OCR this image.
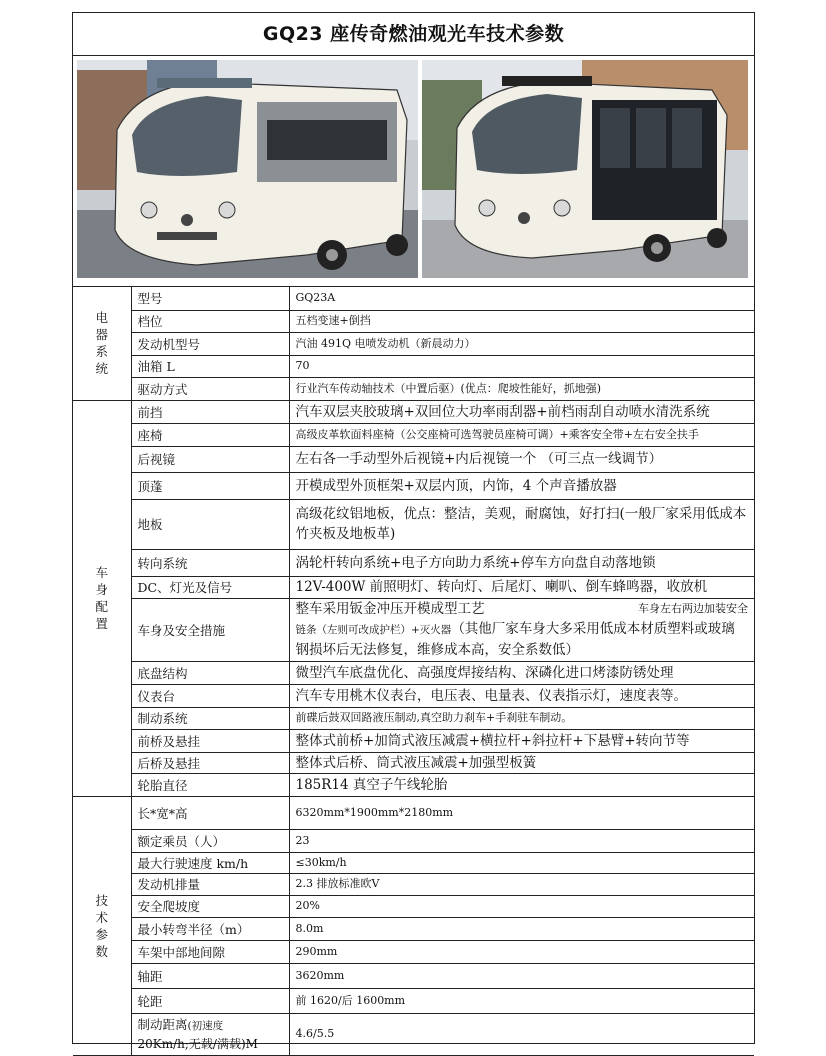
GQ23 座传奇燃油观光车技术参数
电器系统	型号	GQ23A
	档位	五档变速+倒挡
	发动机型号	汽油 491Q 电喷发动机（新晨动力）
	油箱 L	70
	驱动方式	行业汽车传动轴技术（中置后驱）(优点：爬坡性能好，抓地强)
车身配置	前挡	汽车双层夹胶玻璃+双回位大功率雨刮器+前档雨刮自动喷水清洗系统
	座椅	高级皮革软面料座椅（公交座椅可选驾驶员座椅可调）+乘客安全带+左右安全扶手
	后视镜	左右各一手动型外后视镜+内后视镜一个 （可三点一线调节）
	顶蓬	开模成型外顶框架+双层内顶，内饰，4 个声音播放器
	地板	高级花纹铝地板，优点：整洁，美观，耐腐蚀，好打扫(一般厂家采用低成本竹夹板及地板革)
	转向系统	涡轮杆转向系统+电子方向助力系统+停车方向盘自动落地锁
	DC、灯光及信号	12V-400W 前照明灯、转向灯、后尾灯、喇叭、倒车蜂鸣器，收放机
	车身及安全措施	车身左右两边加装安全
整车采用钣金冲压开模成型工艺
链条（左则可改成护栏）+灭火器（其他厂家车身大多采用低成本材质塑料或玻璃钢损坏后无法修复，维修成本高，安全系数低）
	底盘结构	微型汽车底盘优化、高强度焊接结构、深磷化进口烤漆防锈处理
	仪表台	汽车专用桃木仪表台，电压表、电量表、仪表指示灯，速度表等。
	制动系统	前碟后鼓双回路液压制动,真空助力刹车+手刹驻车制动。
	前桥及悬挂	整体式前桥+加筒式液压减震+横拉杆+斜拉杆+下悬臂+转向节等
	后桥及悬挂	整体式后桥、筒式液压减震+加强型板簧
	轮胎直径	185R14 真空子午线轮胎
技术参数	长*宽*高	6320mm*1900mm*2180mm
	额定乘员（人）	23
	最大行驶速度 km/h	≤30km/h
	发动机排量	2.3 排放标准欧Ⅴ
	安全爬坡度	20%
	最小转弯半径（m）	8.0m
	车架中部地间隙	290mm
	轴距	3620mm
	轮距	前 1620/后 1600mm
	制动距离(初速度
20Km/h;无载/满载)M	4.6/5.5
